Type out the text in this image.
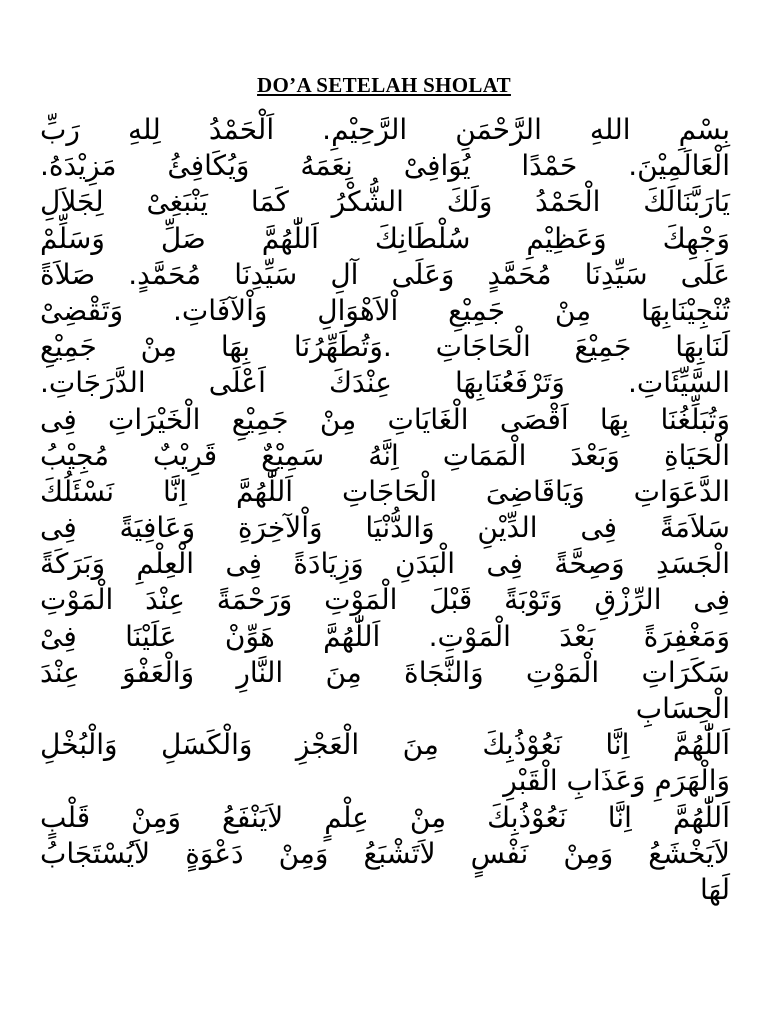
DO’A SETELAH SHOLAT
بِسْمِ اللهِ الرَّحْمَنِ الرَّحِيْمِ. اَلْحَمْدُ لِلهِ رَبِّ
الْعَالَمِيْنَ. حَمْدًا يُوَافِىْ نِعَمَهُ وَيُكَافِئُ مَزِيْدَهُ.
يَارَبَّنَالَكَ الْحَمْدُ وَلَكَ الشُّكْرُ كَمَا يَنْبَغِىْ لِجَلاَلِ
وَجْهِكَ وَعَظِيْمِ سُلْطَانِكَ اَللّٰهُمَّ صَلِّ وَسَلِّمْ
عَلَى سَيِّدِنَا مُحَمَّدٍ وَعَلَى آلِ سَيِّدِنَا مُحَمَّدٍ. صَلاَةً
تُنْجِيْنَابِهَا مِنْ جَمِيْعِ اْلاَهْوَالِ وَاْلآفَاتِ. وَتَقْضِىْ
لَنَابِهَا جَمِيْعَ الْحَاجَاتِ .وَتُطَهِّرُنَا بِهَا مِنْ جَمِيْعِ
السَّيِّئَاتِ. وَتَرْفَعُنَابِهَا عِنْدَكَ اَعْلَى الدَّرَجَاتِ.
وَتُبَلِّغُنَا بِهَا اَقْصَى الْغَايَاتِ مِنْ جَمِيْعِ الْخَيْرَاتِ فِى
الْحَيَاةِ وَبَعْدَ الْمَمَاتِ اِنَّهُ سَمِيْعٌ قَرِيْبٌ مُجِيْبُ
الدَّعَوَاتِ وَيَاقَاضِىَ الْحَاجَاتِ اَللّٰهُمَّ اِنَّا نَسْئَلُكَ
سَلاَمَةً فِى الدِّيْنِ وَالدُّنْيَا وَاْلآخِرَةِ وَعَافِيَةً فِى
الْجَسَدِ وَصِحَّةً فِى الْبَدَنِ وَزِيَادَةً فِى الْعِلْمِ وَبَرَكَةً
فِى الرِّزْقِ وَتَوْبَةً قَبْلَ الْمَوْتِ وَرَحْمَةً عِنْدَ الْمَوْتِ
وَمَغْفِرَةً بَعْدَ الْمَوْتِ. اَللّٰهُمَّ هَوِّنْ عَلَيْنَا فِىْ
سَكَرَاتِ الْمَوْتِ وَالنَّجَاةَ مِنَ النَّارِ وَالْعَفْوَ عِنْدَ
الْحِسَابِ
اَللّٰهُمَّ اِنَّا نَعُوْذُبِكَ مِنَ الْعَجْزِ وَالْكَسَلِ وَالْبُخْلِ
وَالْهَرَمِ وَعَذَابِ الْقَبْرِ
اَللّٰهُمَّ اِنَّا نَعُوْذُبِكَ مِنْ عِلْمٍ لاَيَنْفَعُ وَمِنْ قَلْبٍ
لاَيَخْشَعُ وَمِنْ نَفْسٍ لاَتَشْبَعُ وَمِنْ دَعْوَةٍ لاَيُسْتَجَابُ
لَهَا
